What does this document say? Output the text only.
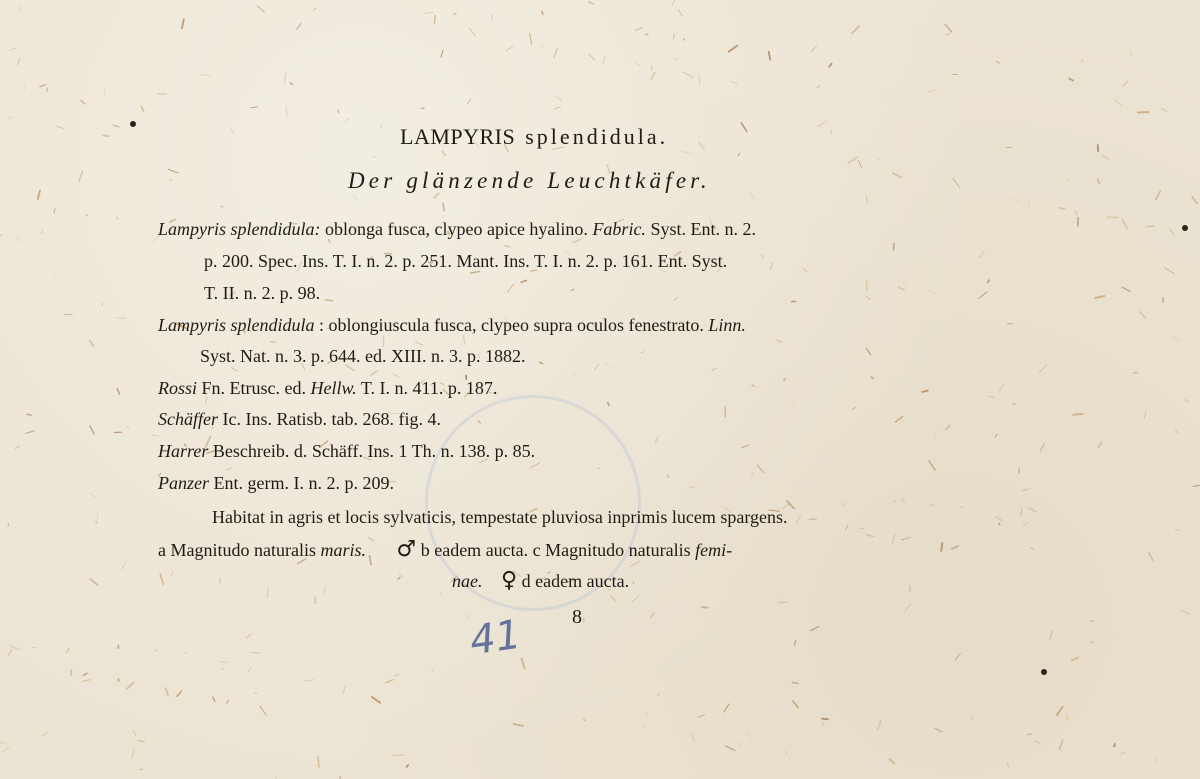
LAMPYRIS splendidula.
Der glänzende Leuchtkäfer.
Lampyris splendidula: oblonga fusca, clypeo apice hyalino. Fabric. Syst. Ent. n. 2.
p. 200. Spec. Ins. T. I. n. 2. p. 251. Mant. Ins. T. I. n. 2. p. 161. Ent. Syst.
T. II. n. 2. p. 98.
Lampyris splendidula : oblongiuscula fusca, clypeo supra oculos fenestrato. Linn.
Syst. Nat. n. 3. p. 644. ed. XIII. n. 3. p. 1882.
Rossi Fn. Etrusc. ed. Hellw. T. I. n. 411. p. 187.
Schäffer Ic. Ins. Ratisb. tab. 268. fig. 4.
Harrer Beschreib. d. Schäff. Ins. 1 Th. n. 138. p. 85.
Panzer Ent. germ. I. n. 2. p. 209.
Habitat in agris et locis sylvaticis, tempestate pluviosa inprimis lucem spargens.
a Magnitudo naturalis maris. ♂ b eadem aucta. c Magnitudo naturalis femi-
nae. ♀ d eadem aucta.
8
41
